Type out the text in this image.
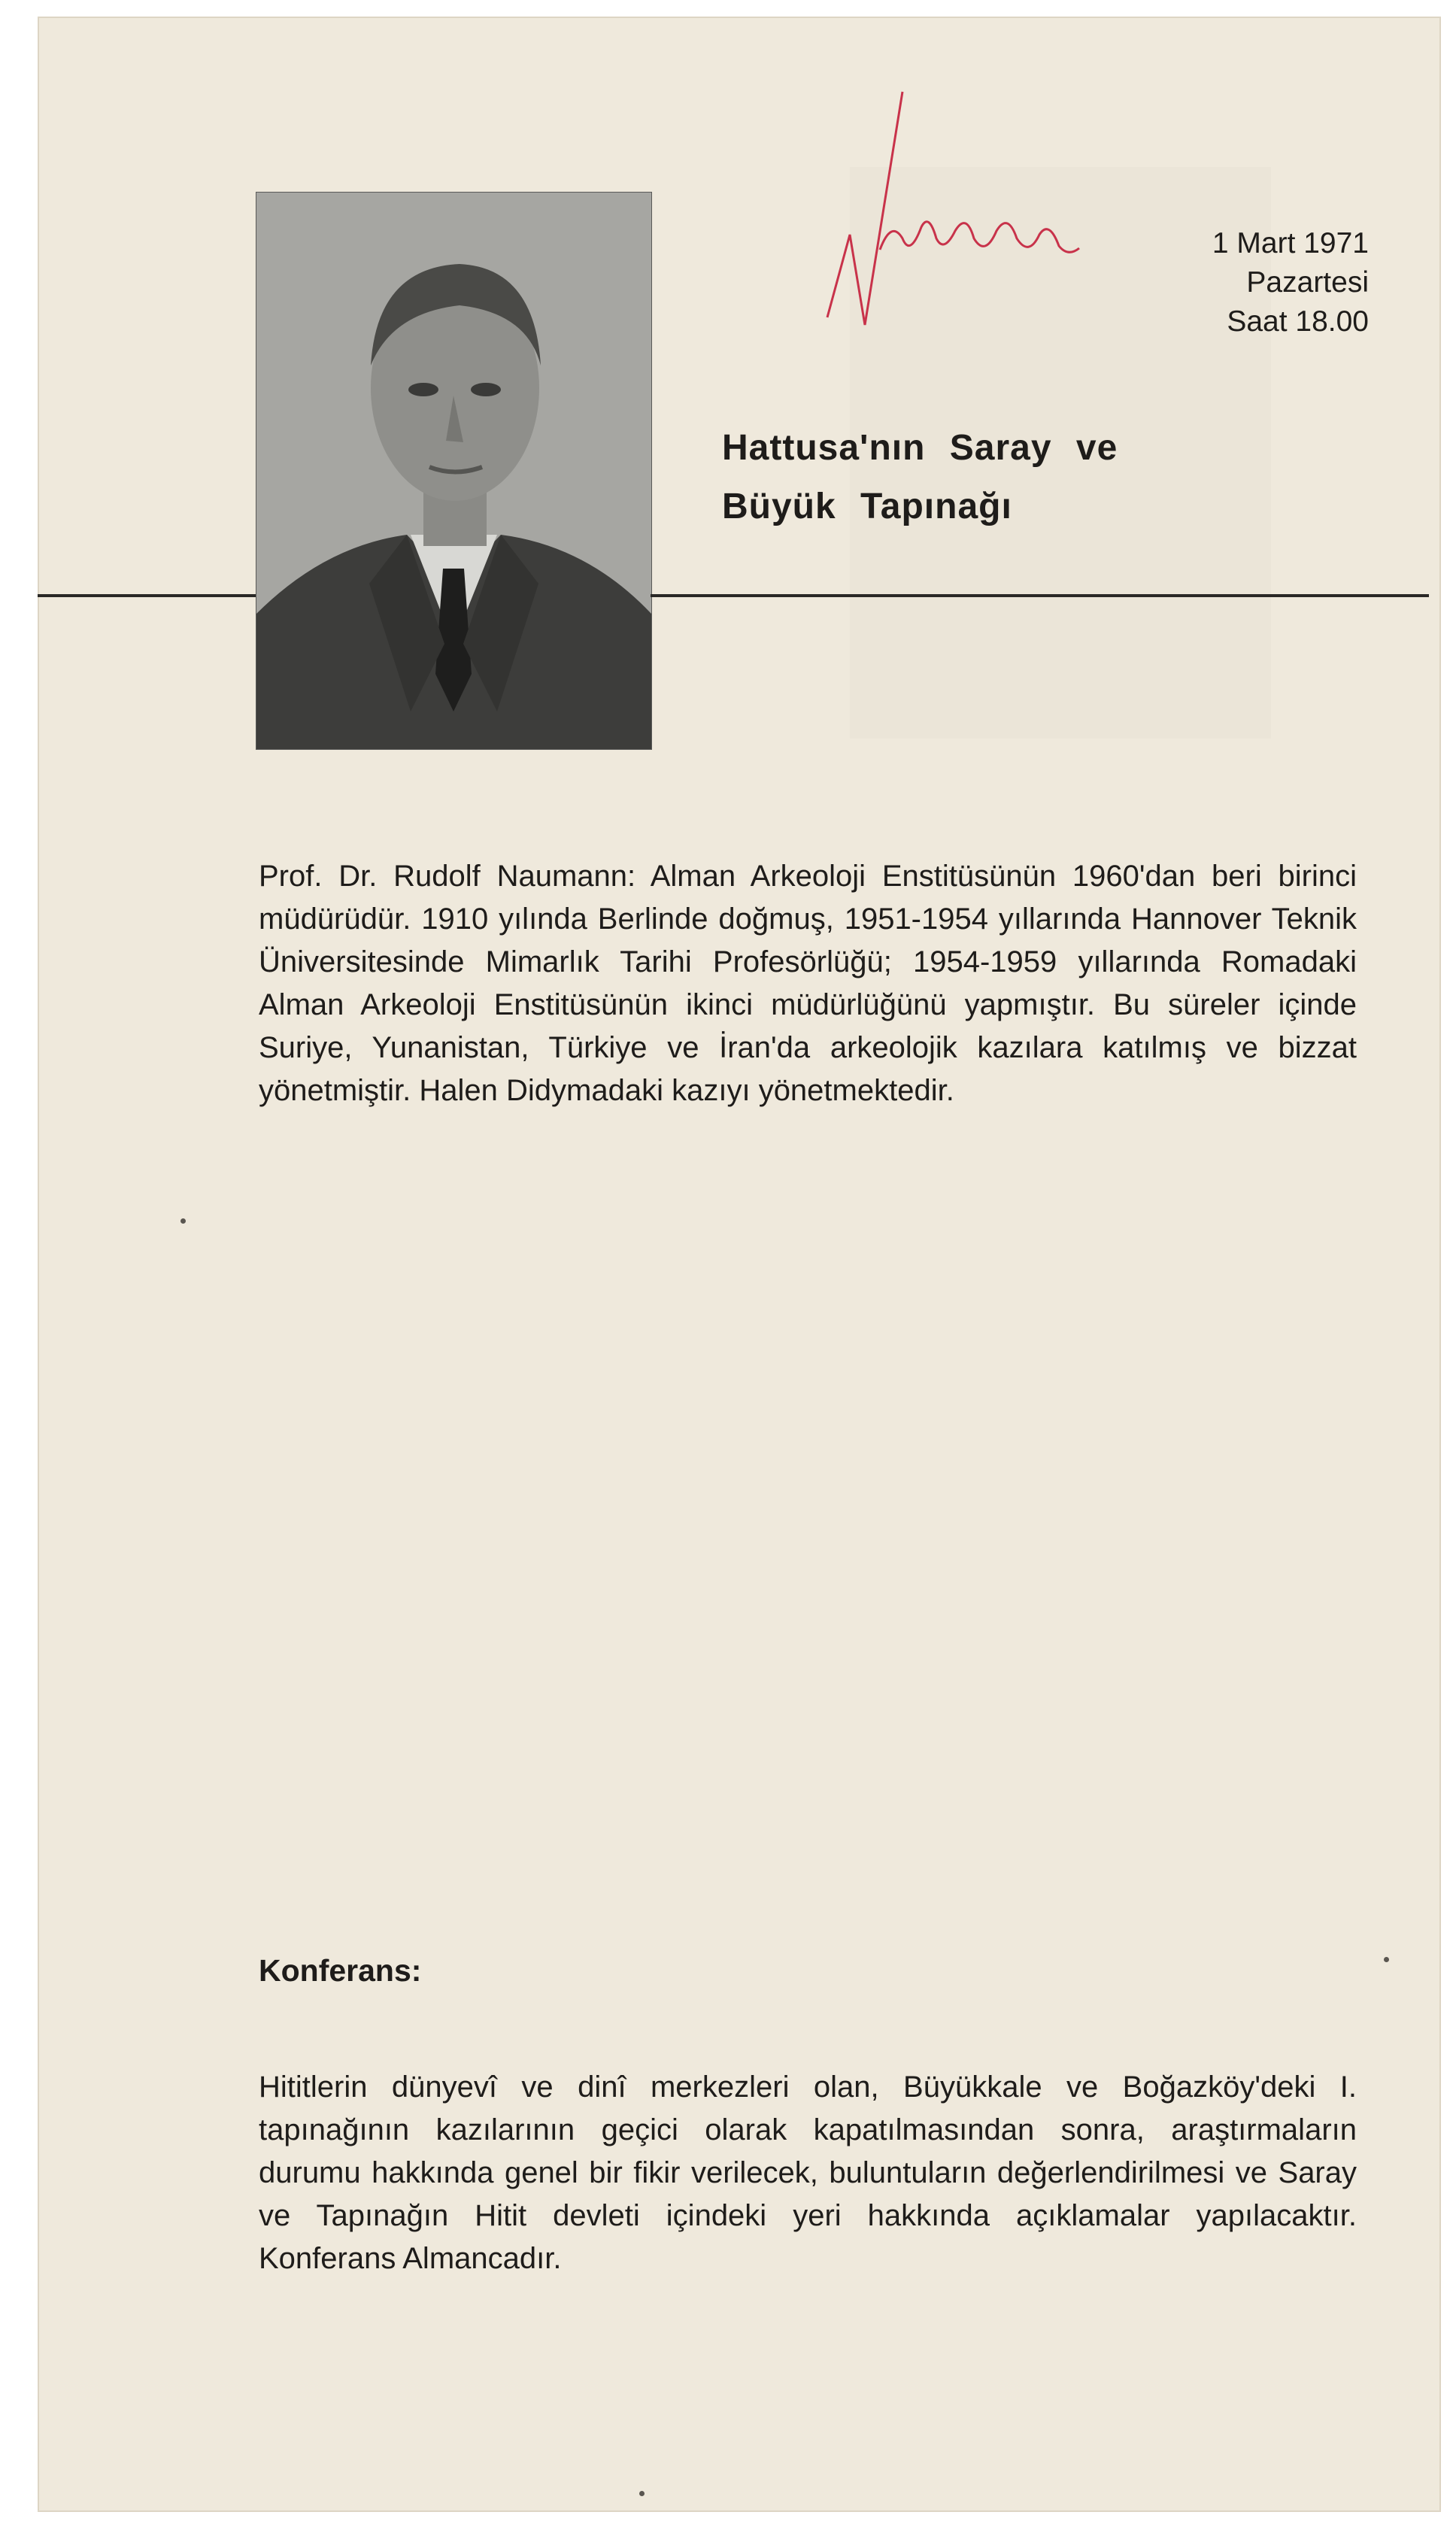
1 Mart 1971
Pazartesi
Saat 18.00
Hattusa'nın Saray ve
Büyük Tapınağı

Prof. Dr. Rudolf Naumann: Alman Arkeoloji Enstitüsünün 1960'dan beri birinci müdürüdür. 1910 yılında Berlinde doğmuş, 1951-1954 yıllarında Hannover Teknik Üniversitesinde Mimarlık Tarihi Profesörlüğü; 1954-1959 yıllarında Romadaki Alman Arkeoloji Enstitüsünün ikinci müdürlüğünü yapmıştır. Bu süreler içinde Suriye, Yunanistan, Türkiye ve İran'da arkeolojik kazılara katılmış ve bizzat yönetmiştir. Halen Didymadaki kazıyı yönetmektedir.

Konferans:

Hititlerin dünyevî ve dinî merkezleri olan, Büyükkale ve Boğazköy'deki I. tapınağının kazılarının geçici olarak kapatılmasından sonra, araştırmaların durumu hakkında genel bir fikir verilecek, buluntuların değerlendirilmesi ve Saray ve Tapınağın Hitit devleti içindeki yeri hakkında açıklamalar yapılacaktır. Konferans Almancadır.
